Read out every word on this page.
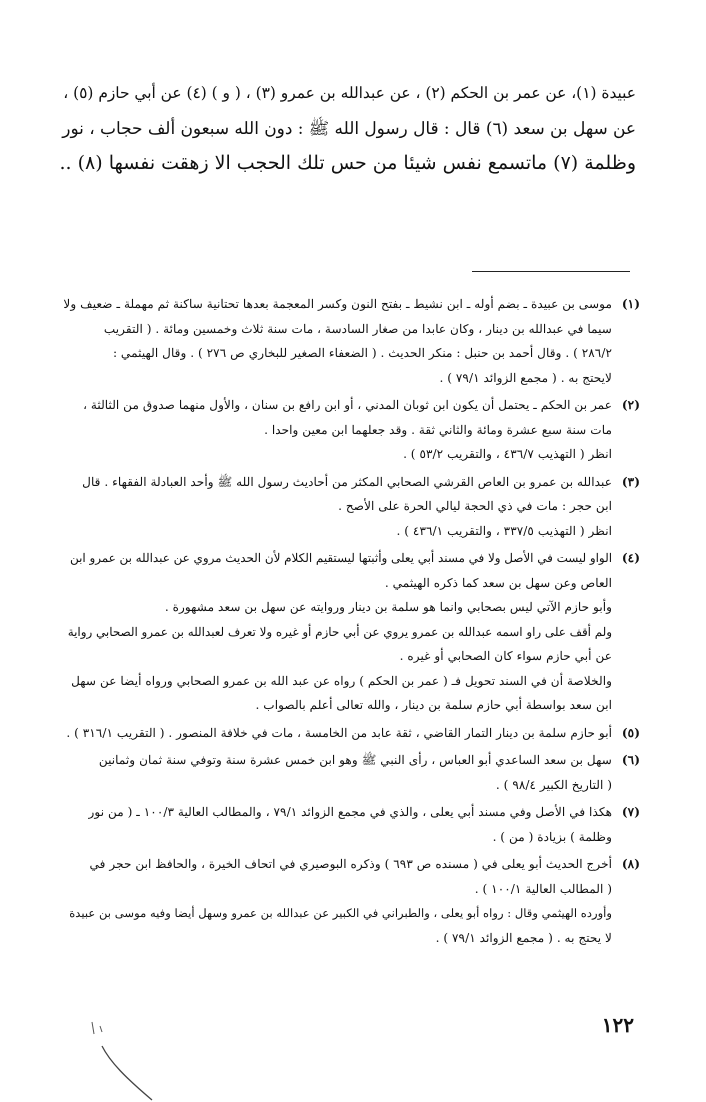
عبيدة (١)، عن عمر بن الحكم (٢) ، عن عبدالله بن عمرو (٣) ، ( و ) (٤) عن أبي حازم (٥) ،
عن سهل بن سعد (٦) قال : قال رسول الله ﷺ : دون الله سبعون ألف حجاب ، نور
وظلمة (٧) ماتسمع نفس شيئا من حس تلك الحجب الا زهقت نفسها (٨) ..
(١)
موسى بن عبيدة ـ بضم أوله ـ ابن نشيط ـ بفتح النون وكسر المعجمة بعدها تحتانية ساكنة ثم مهملة ـ ضعيف ولا
سيما في عبدالله بن دينار ، وكان عابدا من صغار السادسة ، مات سنة ثلاث وخمسين ومائة . ( التقريب
٢٨٦/٢ ) . وقال أحمد بن حنبل : منكر الحديث . ( الضعفاء الصغير للبخاري ص ٢٧٦ ) . وقال الهيثمي :
لايحتج به . ( مجمع الزوائد ٧٩/١ ) .
(٢)
عمر بن الحكم ـ يحتمل أن يكون ابن ثوبان المدني ، أو ابن رافع بن سنان ، والأول منهما صدوق من الثالثة ،
مات سنة سبع عشرة ومائة والثاني ثقة . وقد جعلهما ابن معين واحدا .
انظر ( التهذيب ٤٣٦/٧ ، والتقريب ٥٣/٢ ) .
(٣)
عبدالله بن عمرو بن العاص القرشي الصحابي المكثر من أحاديث رسول الله ﷺ وأحد العبادلة الفقهاء . قال
ابن حجر : مات في ذي الحجة ليالي الحرة على الأصح .
انظر ( التهذيب ٣٣٧/٥ ، والتقريب ٤٣٦/١ ) .
(٤)
الواو ليست في الأصل ولا في مسند أبي يعلى وأثبتها ليستقيم الكلام لأن الحديث مروي عن عبدالله بن عمرو ابن
العاص وعن سهل بن سعد كما ذكره الهيثمي .
وأبو حازم الآتي ليس بصحابي وانما هو سلمة بن دينار وروايته عن سهل بن سعد مشهورة .
ولم أقف على راو اسمه عبدالله بن عمرو يروي عن أبي حازم أو غيره ولا تعرف لعبدالله بن عمرو الصحابي رواية
عن أبي حازم سواء كان الصحابي أو غيره .
والخلاصة أن في السند تحويل فـ ( عمر بن الحكم ) رواه عن عبد الله بن عمرو الصحابي ورواه أيضا عن سهل
ابن سعد بواسطة أبي حازم سلمة بن دينار ، والله تعالى أعلم بالصواب .
(٥)
أبو حازم سلمة بن دينار التمار القاضي ، ثقة عابد من الخامسة ، مات في خلافة المنصور . ( التقريب ٣١٦/١ ) .
(٦)
سهل بن سعد الساعدي أبو العباس ، رأى النبي ﷺ وهو ابن خمس عشرة سنة وتوفي سنة ثمان وثمانين
( التاريخ الكبير ٩٨/٤ ) .
(٧)
هكذا في الأصل وفي مسند أبي يعلى ، والذي في مجمع الزوائد ٧٩/١ ، والمطالب العالية ١٠٠/٣ ـ ( من نور
وظلمة ) بزيادة ( من ) .
(٨)
أخرج الحديث أبو يعلى في ( مسنده ص ٦٩٣ ) وذكره البوصيري في اتحاف الخيرة ، والحافظ ابن حجر في
( المطالب العالية ١٠٠/١ ) .
وأورده الهيثمي وقال : رواه أبو يعلى ، والطبراني في الكبير عن عبدالله بن عمرو وسهل أيضا وفيه موسى بن عبيدة
لا يحتج به . ( مجمع الزوائد ٧٩/١ ) .
١٢٢
